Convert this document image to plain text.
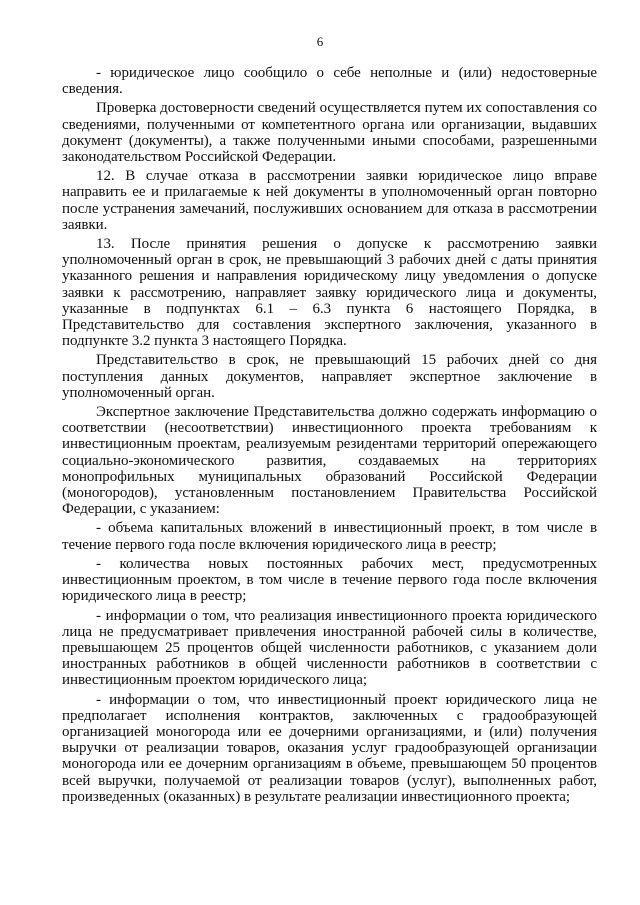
6

- юридическое лицо сообщило о себе неполные и (или) недостоверные сведения.

Проверка достоверности сведений осуществляется путем их сопоставления со сведениями, полученными от компетентного органа или организации, выдавших документ (документы), а также полученными иными способами, разрешенными законодательством Российской Федерации.

12. В случае отказа в рассмотрении заявки юридическое лицо вправе направить ее и прилагаемые к ней документы в уполномоченный орган повторно после устранения замечаний, послуживших основанием для отказа в рассмотрении заявки.

13. После принятия решения о допуске к рассмотрению заявки уполномоченный орган в срок, не превышающий 3 рабочих дней с даты принятия указанного решения и направления юридическому лицу уведомления о допуске заявки к рассмотрению, направляет заявку юридического лица и документы, указанные в подпунктах 6.1 – 6.3 пункта 6 настоящего Порядка, в Представительство для составления экспертного заключения, указанного в подпункте 3.2 пункта 3 настоящего Порядка.

Представительство в срок, не превышающий 15 рабочих дней со дня поступления данных документов, направляет экспертное заключение в уполномоченный орган.

Экспертное заключение Представительства должно содержать информацию о соответствии (несоответствии) инвестиционного проекта требованиям к инвестиционным проектам, реализуемым резидентами территорий опережающего социально-экономического развития, создаваемых на территориях монопрофильных муниципальных образований Российской Федерации (моногородов), установленным постановлением Правительства Российской Федерации, с указанием:

- объема капитальных вложений в инвестиционный проект, в том числе в течение первого года после включения юридического лица в реестр;

- количества новых постоянных рабочих мест, предусмотренных инвестиционным проектом, в том числе в течение первого года после включения юридического лица в реестр;

- информации о том, что реализация инвестиционного проекта юридического лица не предусматривает привлечения иностранной рабочей силы в количестве, превышающем 25 процентов общей численности работников, с указанием доли иностранных работников в общей численности работников в соответствии с инвестиционным проектом юридического лица;

- информации о том, что инвестиционный проект юридического лица не предполагает исполнения контрактов, заключенных с градообразующей организацией моногорода или ее дочерними организациями, и (или) получения выручки от реализации товаров, оказания услуг градообразующей организации моногорода или ее дочерним организациям в объеме, превышающем 50 процентов всей выручки, получаемой от реализации товаров (услуг), выполненных работ, произведенных (оказанных) в результате реализации инвестиционного проекта;
